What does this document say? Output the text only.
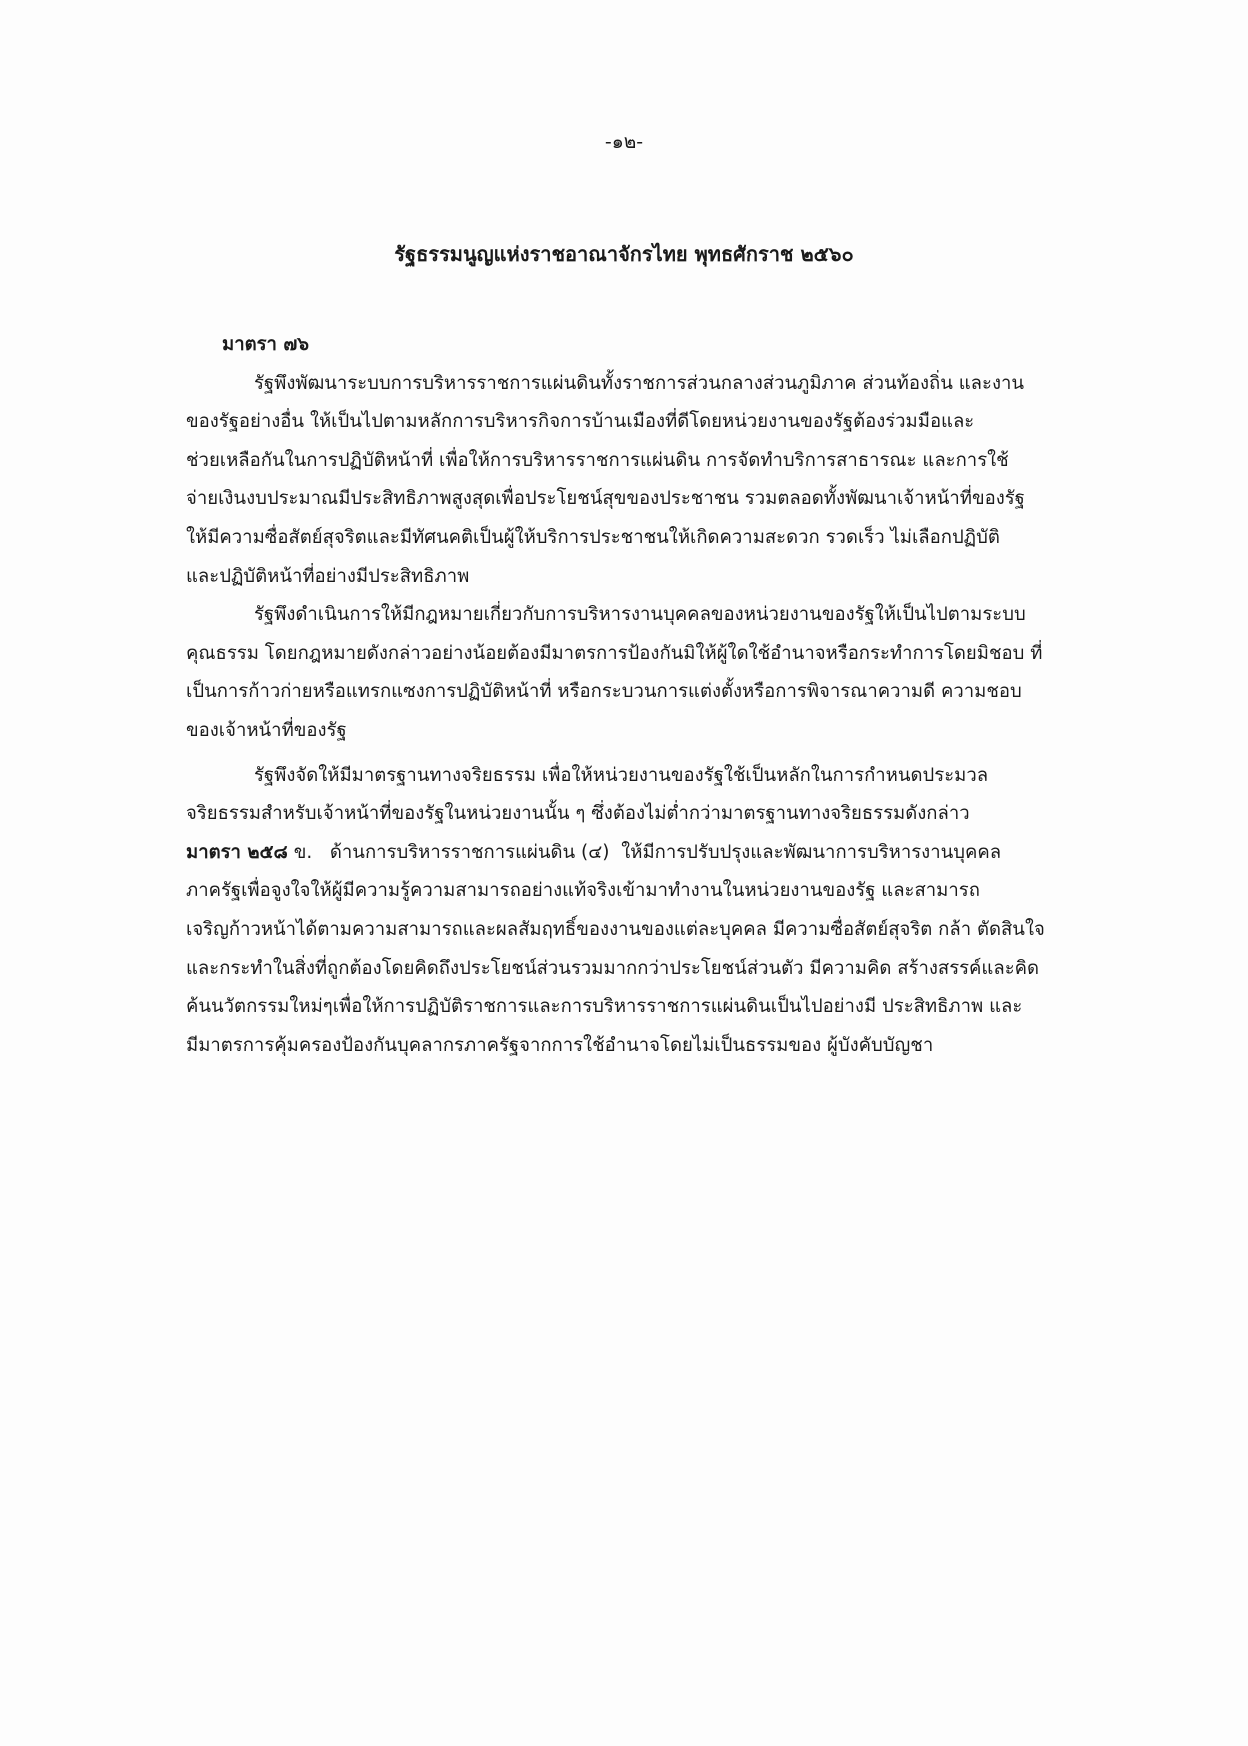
-๑๒-
รัฐธรรมนูญแห่งราชอาณาจักรไทย พุทธศักราช ๒๕๖๐
มาตรา ๗๖
รัฐพึงพัฒนาระบบการบริหารราชการแผ่นดินทั้งราชการส่วนกลางส่วนภูมิภาค ส่วนท้องถิ่น และงาน
ของรัฐอย่างอื่น ให้เป็นไปตามหลักการบริหารกิจการบ้านเมืองที่ดีโดยหน่วยงานของรัฐต้องร่วมมือและ
ช่วยเหลือกันในการปฏิบัติหน้าที่ เพื่อให้การบริหารราชการแผ่นดิน การจัดทำบริการสาธารณะ และการใช้
จ่ายเงินงบประมาณมีประสิทธิภาพสูงสุดเพื่อประโยชน์สุขของประชาชน รวมตลอดทั้งพัฒนาเจ้าหน้าที่ของรัฐ
ให้มีความซื่อสัตย์สุจริตและมีทัศนคติเป็นผู้ให้บริการประชาชนให้เกิดความสะดวก รวดเร็ว ไม่เลือกปฏิบัติ
และปฏิบัติหน้าที่อย่างมีประสิทธิภาพ
รัฐพึงดำเนินการให้มีกฎหมายเกี่ยวกับการบริหารงานบุคคลของหน่วยงานของรัฐให้เป็นไปตามระบบ
คุณธรรม โดยกฎหมายดังกล่าวอย่างน้อยต้องมีมาตรการป้องกันมิให้ผู้ใดใช้อำนาจหรือกระทำการโดยมิชอบ ที่
เป็นการก้าวก่ายหรือแทรกแซงการปฏิบัติหน้าที่ หรือกระบวนการแต่งตั้งหรือการพิจารณาความดี ความชอบ
ของเจ้าหน้าที่ของรัฐ
รัฐพึงจัดให้มีมาตรฐานทางจริยธรรม เพื่อให้หน่วยงานของรัฐใช้เป็นหลักในการกำหนดประมวล
จริยธรรมสำหรับเจ้าหน้าที่ของรัฐในหน่วยงานนั้น ๆ ซึ่งต้องไม่ต่ำกว่ามาตรฐานทางจริยธรรมดังกล่าว
มาตรา ๒๕๘ ข.   ด้านการบริหารราชการแผ่นดิน (๔)  ให้มีการปรับปรุงและพัฒนาการบริหารงานบุคคล
ภาครัฐเพื่อจูงใจให้ผู้มีความรู้ความสามารถอย่างแท้จริงเข้ามาทำงานในหน่วยงานของรัฐ และสามารถ
เจริญก้าวหน้าได้ตามความสามารถและผลสัมฤทธิ์ของงานของแต่ละบุคคล มีความซื่อสัตย์สุจริต กล้า ตัดสินใจ
และกระทำในสิ่งที่ถูกต้องโดยคิดถึงประโยชน์ส่วนรวมมากกว่าประโยชน์ส่วนตัว มีความคิด สร้างสรรค์และคิด
ค้นนวัตกรรมใหม่ๆเพื่อให้การปฏิบัติราชการและการบริหารราชการแผ่นดินเป็นไปอย่างมี ประสิทธิภาพ และ
มีมาตรการคุ้มครองป้องกันบุคลากรภาครัฐจากการใช้อำนาจโดยไม่เป็นธรรมของ ผู้บังคับบัญชา
